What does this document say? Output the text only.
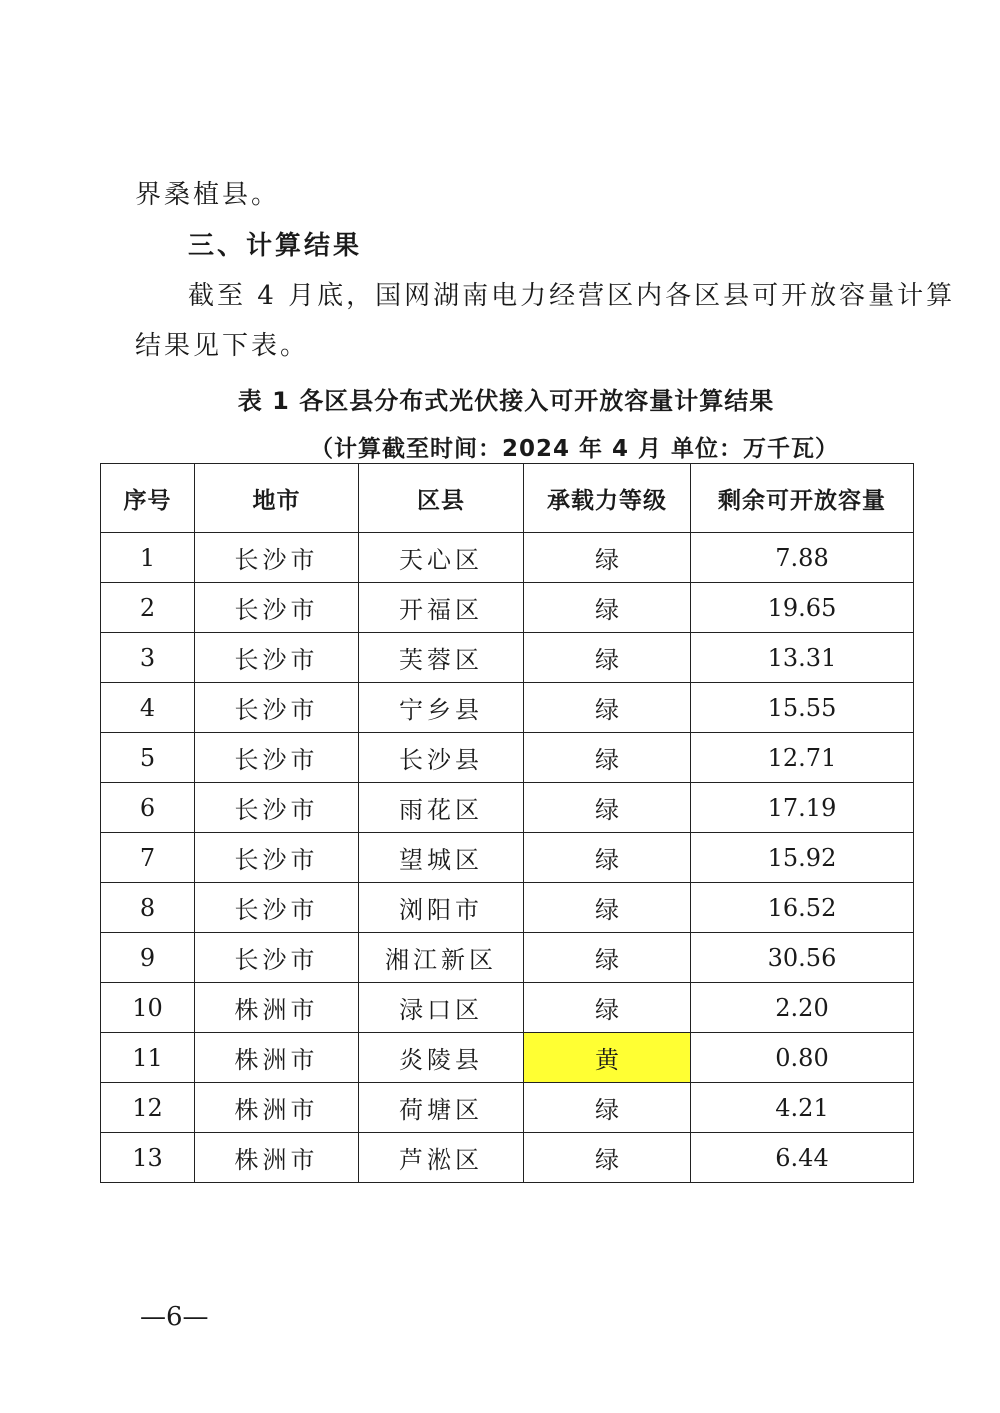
界桑植县。
三、计算结果
截至 4 月底，国网湖南电力经营区内各区县可开放容量计算
结果见下表。
表 1 各区县分布式光伏接入可开放容量计算结果
（计算截至时间：2024 年 4 月 单位：万千瓦）
序号	地市	区县	承载力等级	剩余可开放容量
1	长沙市	天心区	绿	7.88
2	长沙市	开福区	绿	19.65
3	长沙市	芙蓉区	绿	13.31
4	长沙市	宁乡县	绿	15.55
5	长沙市	长沙县	绿	12.71
6	长沙市	雨花区	绿	17.19
7	长沙市	望城区	绿	15.92
8	长沙市	浏阳市	绿	16.52
9	长沙市	湘江新区	绿	30.56
10	株洲市	渌口区	绿	2.20
11	株洲市	炎陵县	黄	0.80
12	株洲市	荷塘区	绿	4.21
13	株洲市	芦淞区	绿	6.44
—6—
